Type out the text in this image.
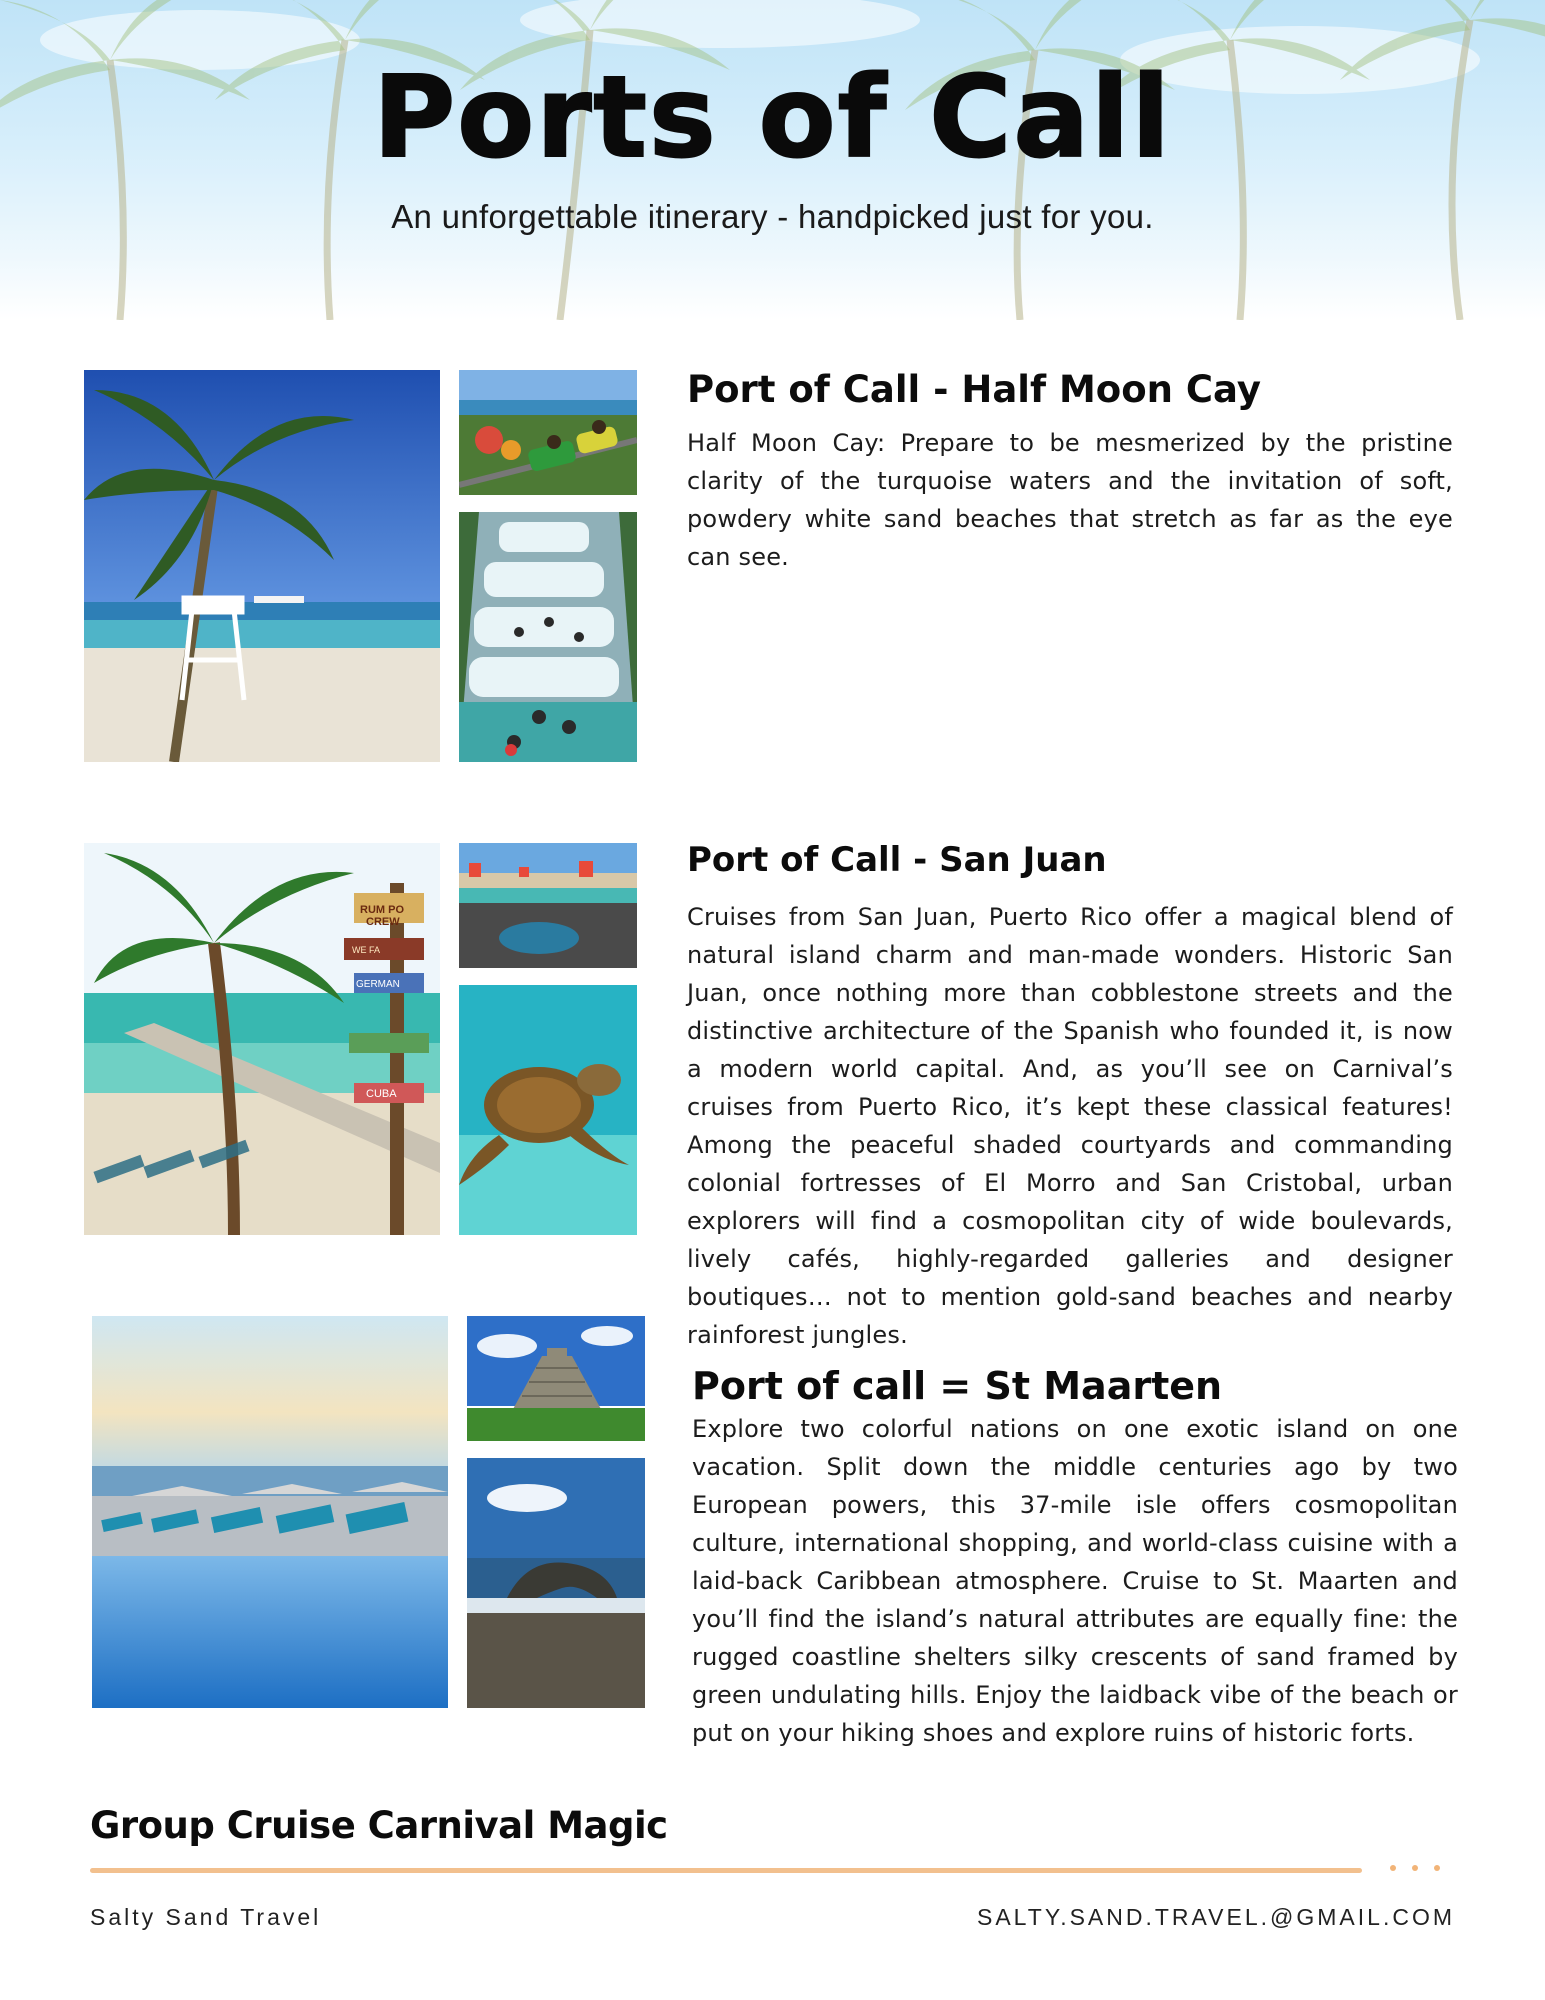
Ports of Call
An unforgettable itinerary - handpicked just for you.
Port of Call - Half Moon Cay
Half Moon Cay: Prepare to be mesmerized by the pristine clarity of the turquoise waters and the invitation of soft, powdery white sand beaches that stretch as far as the eye can see.
RUM PO
CREW
WE FA
GERMAN
CUBA
Port of Call - San Juan
Cruises from San Juan, Puerto Rico offer a magical blend of natural island charm and man-made wonders. Historic San Juan, once nothing more than cobblestone streets and the distinctive architecture of the Spanish who founded it, is now a modern world capital. And, as you’ll see on Carnival’s cruises from Puerto Rico, it’s kept these classical features! Among the peaceful shaded courtyards and commanding colonial fortresses of El Morro and San Cristobal, urban explorers will find a cosmopolitan city of wide boulevards, lively cafés, highly-regarded galleries and designer boutiques… not to mention gold-sand beaches and nearby rainforest jungles.
Port of call = St Maarten
Explore two colorful nations on one exotic island on one vacation. Split down the middle centuries ago by two European powers, this 37-mile isle offers cosmopolitan culture, international shopping, and world-class cuisine with a laid-back Caribbean atmosphere. Cruise to St. Maarten and you’ll find the island’s natural attributes are equally fine: the rugged coastline shelters silky crescents of sand framed by green undulating hills. Enjoy the laidback vibe of the beach or put on your hiking shoes and explore ruins of historic forts.
Group Cruise Carnival Magic
Salty Sand Travel	SALTY.SAND.TRAVEL.@GMAIL.COM
